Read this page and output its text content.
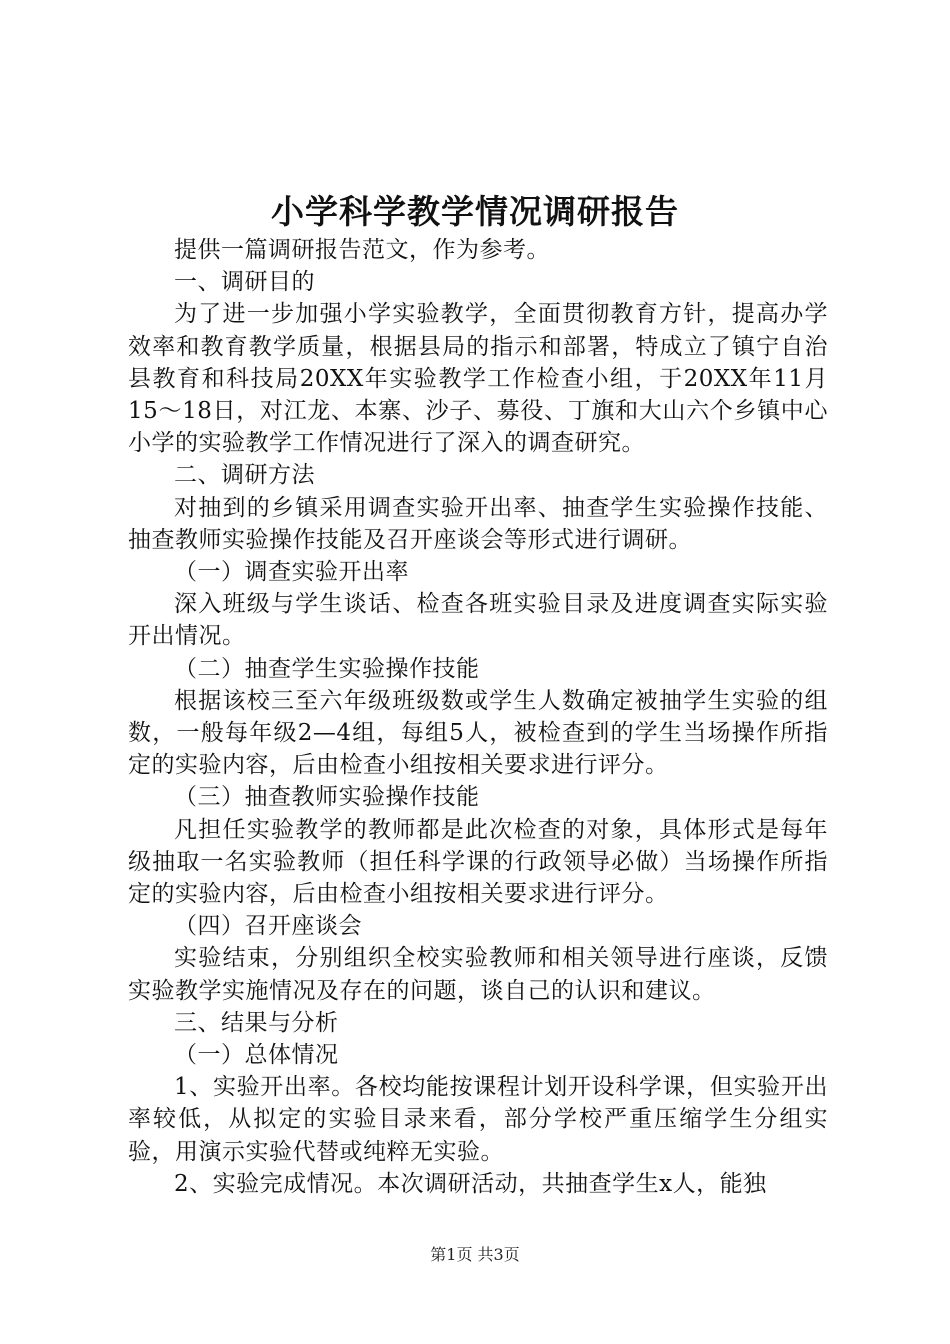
小学科学教学情况调研报告

提供一篇调研报告范文，作为参考。

一、调研目的

为了进一步加强小学实验教学，全面贯彻教育方针，提高办学效率和教育教学质量，根据县局的指示和部署，特成立了镇宁自治县教育和科技局20XX年实验教学工作检查小组，于20XX年11月15～18日，对江龙、本寨、沙子、募役、丁旗和大山六个乡镇中心小学的实验教学工作情况进行了深入的调查研究。

二、调研方法

对抽到的乡镇采用调查实验开出率、抽查学生实验操作技能、抽查教师实验操作技能及召开座谈会等形式进行调研。

（一）调查实验开出率

深入班级与学生谈话、检查各班实验目录及进度调查实际实验开出情况。

（二）抽查学生实验操作技能

根据该校三至六年级班级数或学生人数确定被抽学生实验的组数，一般每年级2—4组，每组5人，被检查到的学生当场操作所指定的实验内容，后由检查小组按相关要求进行评分。

（三）抽查教师实验操作技能

凡担任实验教学的教师都是此次检查的对象，具体形式是每年级抽取一名实验教师（担任科学课的行政领导必做）当场操作所指定的实验内容，后由检查小组按相关要求进行评分。

（四）召开座谈会

实验结束，分别组织全校实验教师和相关领导进行座谈，反馈实验教学实施情况及存在的问题，谈自己的认识和建议。

三、结果与分析

（一）总体情况

1、实验开出率。各校均能按课程计划开设科学课，但实验开出率较低，从拟定的实验目录来看，部分学校严重压缩学生分组实验，用演示实验代替或纯粹无实验。

2、实验完成情况。本次调研活动，共抽查学生x人，能独

第1页 共3页
